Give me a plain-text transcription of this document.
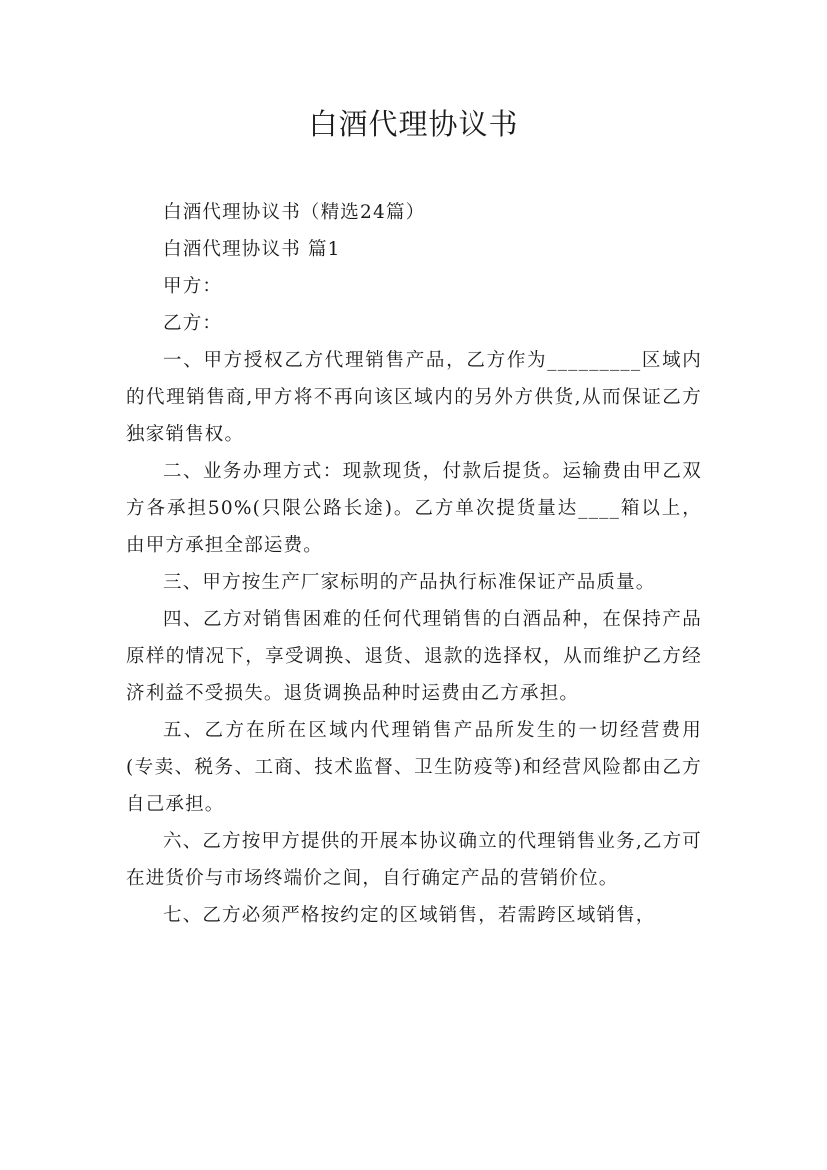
白酒代理协议书

白酒代理协议书（精选24篇）

白酒代理协议书 篇1

甲方：

乙方：

一、甲方授权乙方代理销售产品，乙方作为_________区域内的代理销售商,甲方将不再向该区域内的另外方供货,从而保证乙方独家销售权。

二、业务办理方式：现款现货，付款后提货。运输费由甲乙双方各承担50%(只限公路长途)。乙方单次提货量达____箱以上，由甲方承担全部运费。

三、甲方按生产厂家标明的产品执行标准保证产品质量。

四、乙方对销售困难的任何代理销售的白酒品种，在保持产品原样的情况下，享受调换、退货、退款的选择权，从而维护乙方经济利益不受损失。退货调换品种时运费由乙方承担。

五、乙方在所在区域内代理销售产品所发生的一切经营费用(专卖、税务、工商、技术监督、卫生防疫等)和经营风险都由乙方自己承担。

六、乙方按甲方提供的开展本协议确立的代理销售业务,乙方可在进货价与市场终端价之间，自行确定产品的营销价位。

七、乙方必须严格按约定的区域销售，若需跨区域销售，
